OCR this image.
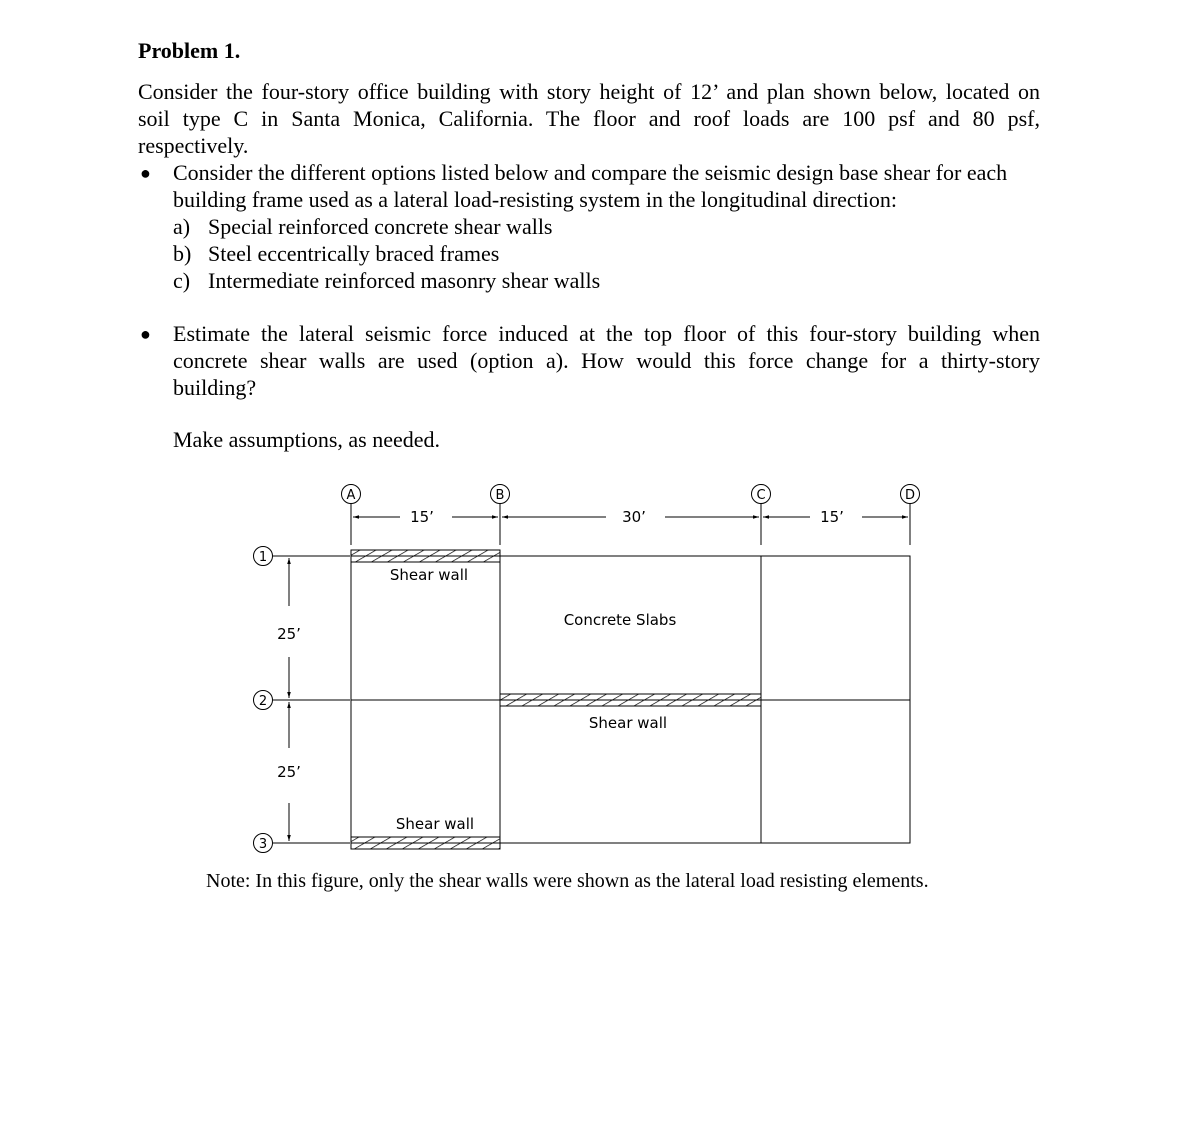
Problem 1.
Consider the four-story office building with story height of 12’ and plan shown below, located on
soil type C in Santa Monica, California. The floor and roof loads are 100 psf and 80 psf,
respectively.
● Consider the different options listed below and compare the seismic design base shear for each
building frame used as a lateral load-resisting system in the longitudinal direction:
a) Special reinforced concrete shear walls
b) Steel eccentrically braced frames
c) Intermediate reinforced masonry shear walls
● Estimate the lateral seismic force induced at the top floor of this four-story building when
concrete shear walls are used (option a). How would this force change for a thirty-story
building?
Make assumptions, as needed.
A	B	C	D
15’	30’	15’
1
2
3
25’
25’
Shear wall
Concrete Slabs
Shear wall
Shear wall
Note: In this figure, only the shear walls were shown as the lateral load resisting elements.
